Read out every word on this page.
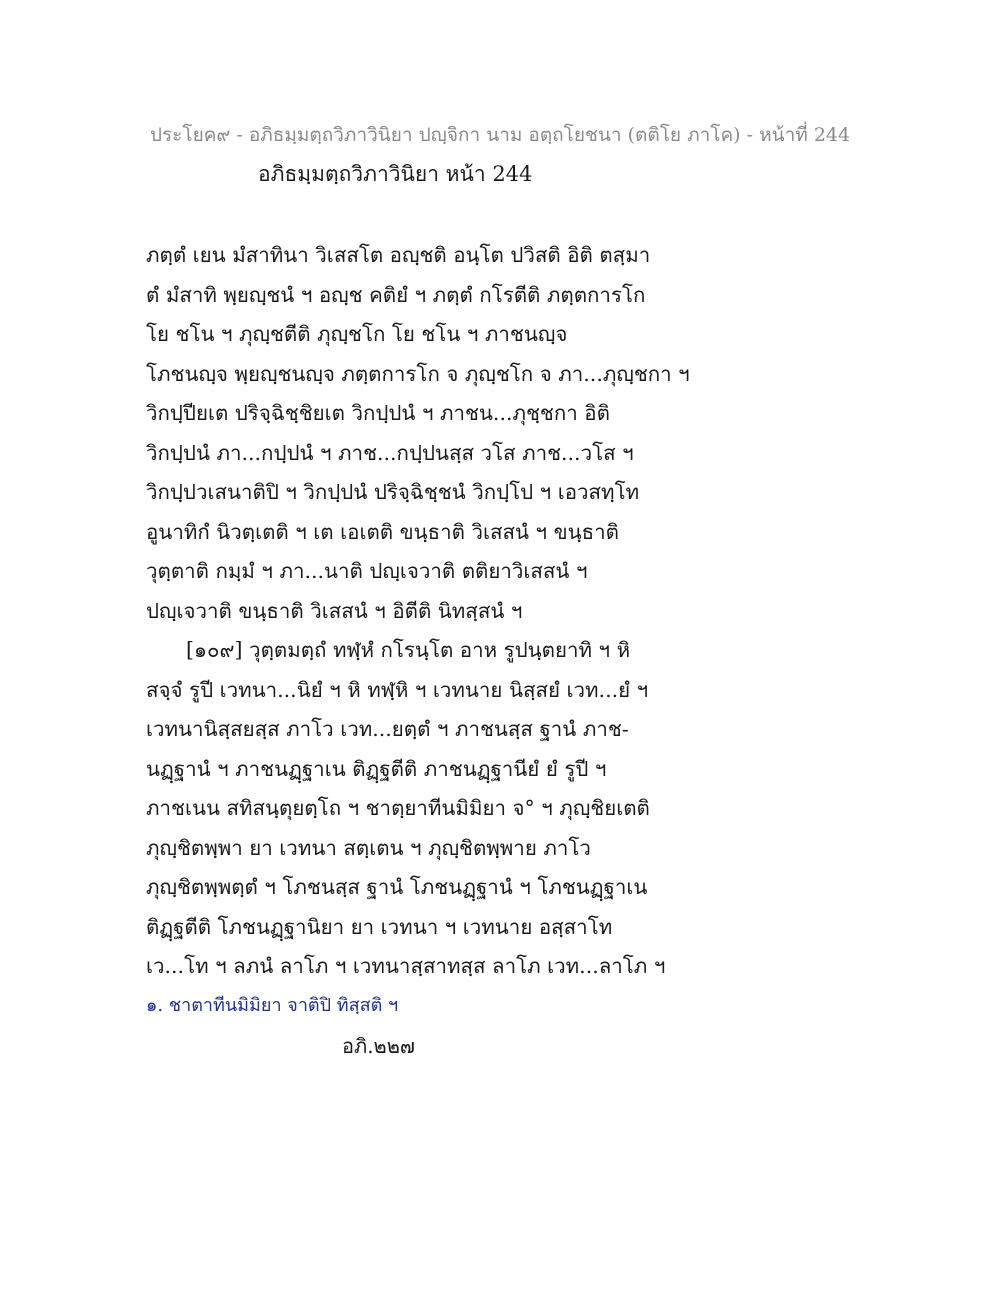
ประโยค๙ - อภิธมฺมตฺถวิภาวินิยา ปญฺจิกา นาม อตฺถโยชนา (ตติโย ภาโค) - หน้าที่ 244
อภิธมฺมตฺถวิภาวินิยา หน้า 244
ภตฺตํ เยน มํสาทินา วิเสสโต อญฺชติ อนฺโต ปวิสติ อิติ ตสฺมา
ตํ มํสาทิ พฺยญฺชนํ ฯ อญฺช คติยํ ฯ ภตฺตํ กโรตีติ ภตฺตการโก
โย ชโน ฯ ภุญฺชตีติ ภุญฺชโก โย ชโน ฯ ภาชนญฺจ
โภชนญฺจ พฺยญฺชนญฺจ ภตฺตการโก จ ภุญฺชโก จ ภา...ภุญฺชกา ฯ
วิกปฺปียเต ปริจฺฉิชฺชิยเต วิกปฺปนํ ฯ ภาชน...ภุชฺชกา อิติ
วิกปฺปนํ ภา...กปฺปนํ ฯ ภาช...กปฺปนสฺส วโส ภาช...วโส ฯ
วิกปฺปวเสนาติปิ ฯ วิกปฺปนํ ปริจฺฉิชฺชนํ วิกปฺโป ฯ เอวสทฺโท
อูนาทิกํ นิวตฺเตติ ฯ เต เอเตติ ขนฺธาติ วิเสสนํ ฯ ขนฺธาติ
วุตฺตาติ กมฺมํ ฯ ภา...นาติ ปญฺเจวาติ ตติยาวิเสสนํ ฯ
ปญฺเจวาติ ขนฺธาติ วิเสสนํ ฯ อิตีติ นิทสฺสนํ ฯ
[๑๐๙] วุตฺตมตฺถํ ทฬฺหํ กโรนฺโต อาห รูปนฺตยาทิ ฯ หิ
สจฺจํ รูปี เวทนา...นิยํ ฯ หิ ทฬฺหิ ฯ เวทนาย นิสฺสยํ เวท...ยํ ฯ
เวทนานิสฺสยสฺส ภาโว เวท...ยตฺตํ ฯ ภาชนสฺส ฐานํ ภาช-
นฏฺฐานํ ฯ ภาชนฏฺฐาเน ติฏฺฐตีติ ภาชนฏฺฐานียํ ยํ รูปี ฯ
ภาชเนน สทิสนฺตุยตฺโถ ฯ ชาตฺยาทีนมิมิยา จ° ฯ ภุญฺชิยเตติ
ภุญฺชิตพฺพา ยา เวทนา สตฺเตน ฯ ภุญฺชิตพฺพาย ภาโว
ภุญฺชิตพฺพตฺตํ ฯ โภชนสฺส ฐานํ โภชนฏฺฐานํ ฯ โภชนฏฺฐาเน
ติฏฺฐตีติ โภชนฏฺฐานิยา ยา เวทนา ฯ เวทนาย อสฺสาโท
เว...โท ฯ ลภนํ ลาโภ ฯ เวทนาสฺสาทสฺส ลาโภ เวท...ลาโภ ฯ
๑. ชาตาทีนมิมิยา จาติปิ ทิสฺสติ ฯ
อภิ.๒๒๗
